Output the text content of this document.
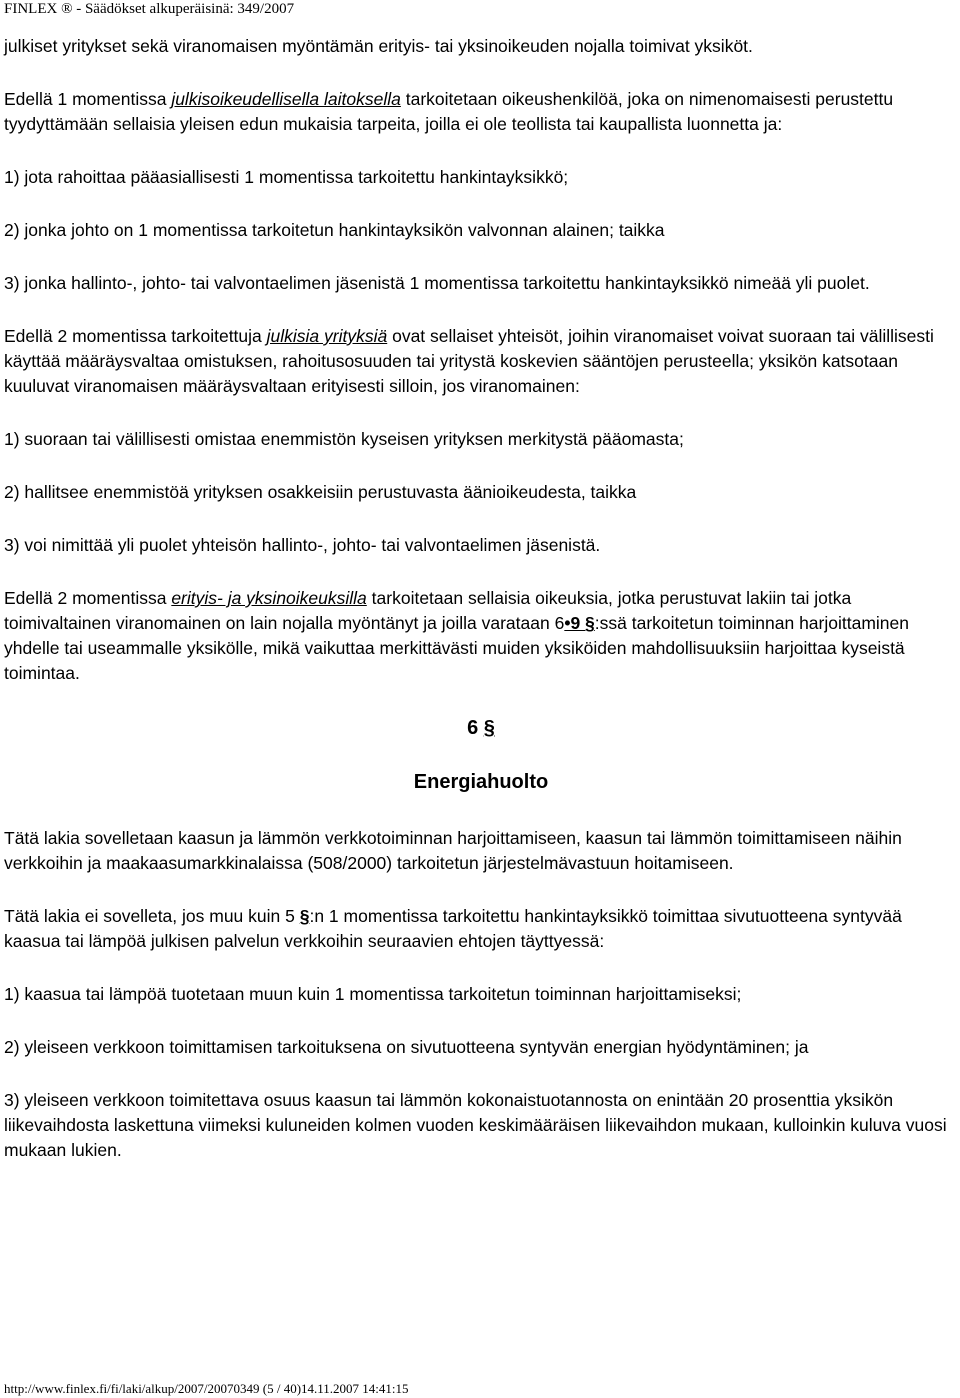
FINLEX ® - Säädökset alkuperäisinä: 349/2007

julkiset yritykset sekä viranomaisen myöntämän erityis- tai yksinoikeuden nojalla toimivat yksiköt.

Edellä 1 momentissa julkisoikeudellisella laitoksella tarkoitetaan oikeushenkilöä, joka on nimenomaisesti perustettu tyydyttämään sellaisia yleisen edun mukaisia tarpeita, joilla ei ole teollista tai kaupallista luonnetta ja:

1) jota rahoittaa pääasiallisesti 1 momentissa tarkoitettu hankintayksikkö;

2) jonka johto on 1 momentissa tarkoitetun hankintayksikön valvonnan alainen; taikka

3) jonka hallinto-, johto- tai valvontaelimen jäsenistä 1 momentissa tarkoitettu hankintayksikkö nimeää yli puolet.

Edellä 2 momentissa tarkoitettuja julkisia yrityksiä ovat sellaiset yhteisöt, joihin viranomaiset voivat suoraan tai välillisesti käyttää määräysvaltaa omistuksen, rahoitusosuuden tai yritystä koskevien sääntöjen perusteella; yksikön katsotaan kuuluvat viranomaisen määräysvaltaan erityisesti silloin, jos viranomainen:

1) suoraan tai välillisesti omistaa enemmistön kyseisen yrityksen merkitystä pääomasta;

2) hallitsee enemmistöä yrityksen osakkeisiin perustuvasta äänioikeudesta, taikka

3) voi nimittää yli puolet yhteisön hallinto-, johto- tai valvontaelimen jäsenistä.

Edellä 2 momentissa erityis- ja yksinoikeuksilla tarkoitetaan sellaisia oikeuksia, jotka perustuvat lakiin tai jotka toimivaltainen viranomainen on lain nojalla myöntänyt ja joilla varataan 6•9 §:ssä tarkoitetun toiminnan harjoittaminen yhdelle tai useammalle yksikölle, mikä vaikuttaa merkittävästi muiden yksiköiden mahdollisuuksiin harjoittaa kyseistä toimintaa.

6 §
Energiahuolto

Tätä lakia sovelletaan kaasun ja lämmön verkkotoiminnan harjoittamiseen, kaasun tai lämmön toimittamiseen näihin verkkoihin ja maakaasumarkkinalaissa (508/2000) tarkoitetun järjestelmävastuun hoitamiseen.

Tätä lakia ei sovelleta, jos muu kuin 5 §:n 1 momentissa tarkoitettu hankintayksikkö toimittaa sivutuotteena syntyvää kaasua tai lämpöä julkisen palvelun verkkoihin seuraavien ehtojen täyttyessä:

1) kaasua tai lämpöä tuotetaan muun kuin 1 momentissa tarkoitetun toiminnan harjoittamiseksi;

2) yleiseen verkkoon toimittamisen tarkoituksena on sivutuotteena syntyvän energian hyödyntäminen; ja

3) yleiseen verkkoon toimitettava osuus kaasun tai lämmön kokonaistuotannosta on enintään 20 prosenttia yksikön liikevaihdosta laskettuna viimeksi kuluneiden kolmen vuoden keskimääräisen liikevaihdon mukaan, kulloinkin kuluva vuosi mukaan lukien.

http://www.finlex.fi/fi/laki/alkup/2007/20070349 (5 / 40)14.11.2007 14:41:15
